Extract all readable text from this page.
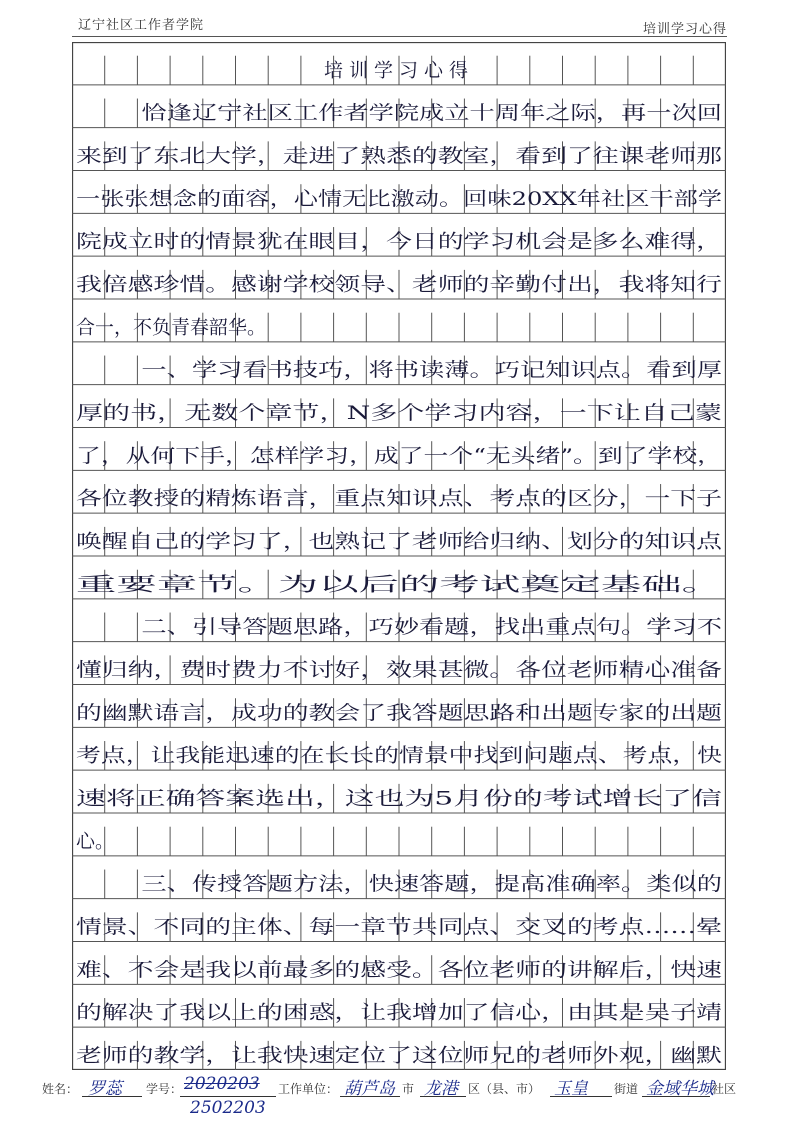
辽宁社区工作者学院	培训学习心得
培训学习心得
恰逢辽宁社区工作者学院成立十周年之际，再一次回
来到了东北大学，走进了熟悉的教室，看到了往课老师那
一张张想念的面容，心情无比激动。回味20XX年社区干部学
院成立时的情景犹在眼目，今日的学习机会是多么难得，
我倍感珍惜。感谢学校领导、老师的辛勤付出，我将知行
合一，不负青春韶华。
一、学习看书技巧，将书读薄。巧记知识点。看到厚
厚的书，无数个章节，N多个学习内容，一下让自己蒙
了，从何下手，怎样学习，成了一个“无头绪”。到了学校，
各位教授的精炼语言，重点知识点、考点的区分，一下子
唤醒自己的学习了，也熟记了老师给归纳、划分的知识点
重要章节。为以后的考试奠定基础。
二、引导答题思路，巧妙看题，找出重点句。学习不
懂归纳，费时费力不讨好，效果甚微。各位老师精心准备
的幽默语言，成功的教会了我答题思路和出题专家的出题
考点，让我能迅速的在长长的情景中找到问题点、考点，快
速将正确答案选出，这也为5月份的考试增长了信
心。
三、传授答题方法，快速答题，提高准确率。类似的
情景、不同的主体、每一章节共同点、交叉的考点……晕
难、不会是我以前最多的感受。各位老师的讲解后，快速
的解决了我以上的困惑，让我增加了信心，由其是吴子靖
老师的教学，让我快速定位了这位师兄的老师外观，幽默
姓名： 罗蕊 学号： 2020203
2502203
工作单位： 葫芦岛 市 龙港 区（县、市） 玉皇 街道 金域华城
社区
